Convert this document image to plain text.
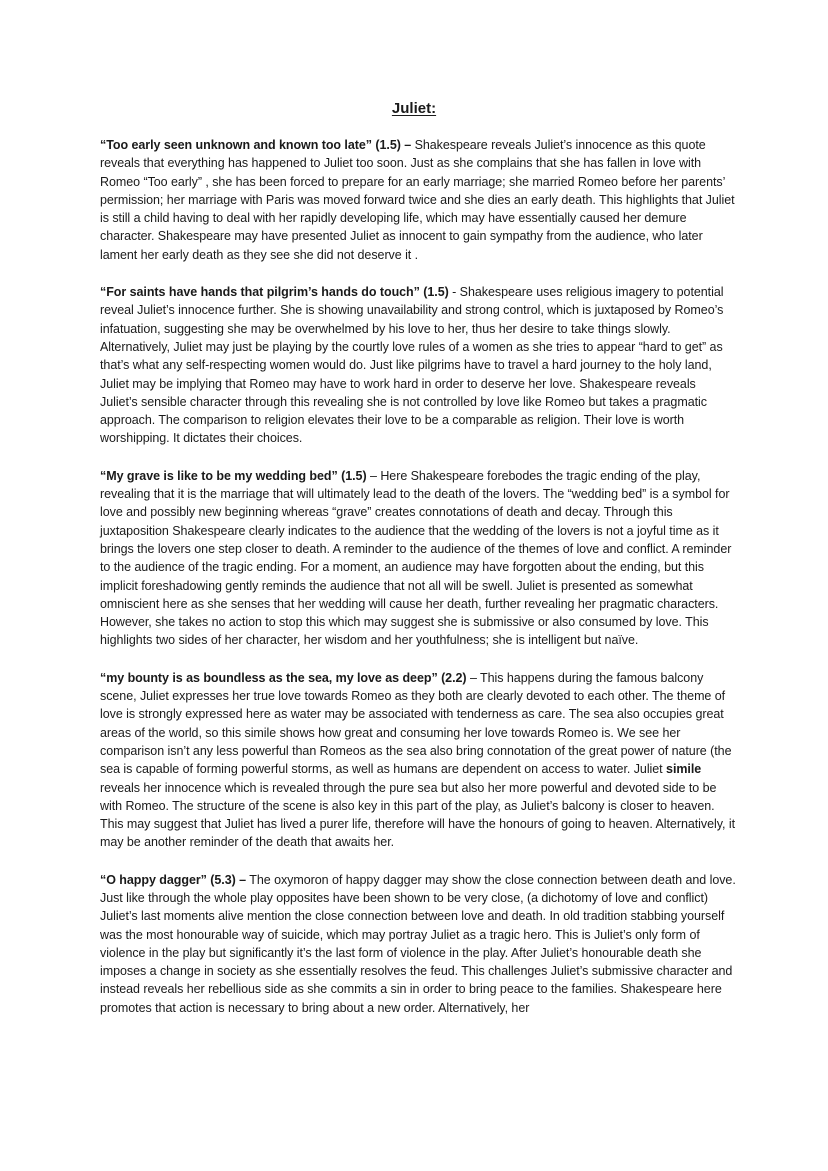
Juliet:

“Too early seen unknown and known too late” (1.5) – Shakespeare reveals Juliet’s innocence as this quote reveals that everything has happened to Juliet too soon. Just as she complains that she has fallen in love with Romeo “Too early” , she has been forced to prepare for an early marriage; she married Romeo before her parents’ permission; her marriage with Paris was moved forward twice and she dies an early death. This highlights that Juliet is still a child having to deal with her rapidly developing life, which may have essentially caused her demure character. Shakespeare may have presented Juliet as innocent to gain sympathy from the audience, who later lament her early death as they see she did not deserve it .

“For saints have hands that pilgrim’s hands do touch” (1.5) - Shakespeare uses religious imagery to potential reveal Juliet’s innocence further. She is showing unavailability and strong control, which is juxtaposed by Romeo’s infatuation, suggesting she may be overwhelmed by his love to her, thus her desire to take things slowly. Alternatively, Juliet may just be playing by the courtly love rules of a women as she tries to appear “hard to get” as that’s what any self-respecting women would do. Just like pilgrims have to travel a hard journey to the holy land, Juliet may be implying that Romeo may have to work hard in order to deserve her love. Shakespeare reveals Juliet’s sensible character through this revealing she is not controlled by love like Romeo but takes a pragmatic approach. The comparison to religion elevates their love to be a comparable as religion. Their love is worth worshipping. It dictates their choices.

“My grave is like to be my wedding bed” (1.5) – Here Shakespeare forebodes the tragic ending of the play, revealing that it is the marriage that will ultimately lead to the death of the lovers. The “wedding bed” is a symbol for love and possibly new beginning whereas “grave” creates connotations of death and decay. Through this juxtaposition Shakespeare clearly indicates to the audience that the wedding of the lovers is not a joyful time as it brings the lovers one step closer to death. A reminder to the audience of the themes of love and conflict. A reminder to the audience of the tragic ending. For a moment, an audience may have forgotten about the ending, but this implicit foreshadowing gently reminds the audience that not all will be swell. Juliet is presented as somewhat omniscient here as she senses that her wedding will cause her death, further revealing her pragmatic characters. However, she takes no action to stop this which may suggest she is submissive or also consumed by love. This highlights two sides of her character, her wisdom and her youthfulness; she is intelligent but naïve.

“my bounty is as boundless as the sea, my love as deep” (2.2) – This happens during the famous balcony scene, Juliet expresses her true love towards Romeo as they both are clearly devoted to each other. The theme of love is strongly expressed here as water may be associated with tenderness as care. The sea also occupies great areas of the world, so this simile shows how great and consuming her love towards Romeo is. We see her comparison isn’t any less powerful than Romeos as the sea also bring connotation of the great power of nature (the sea is capable of forming powerful storms, as well as humans are dependent on access to water. Juliet simile reveals her innocence which is revealed through the pure sea but also her more powerful and devoted side to be with Romeo. The structure of the scene is also key in this part of the play, as Juliet’s balcony is closer to heaven. This may suggest that Juliet has lived a purer life, therefore will have the honours of going to heaven. Alternatively, it may be another reminder of the death that awaits her.

“O happy dagger” (5.3) – The oxymoron of happy dagger may show the close connection between death and love. Just like through the whole play opposites have been shown to be very close, (a dichotomy of love and conflict) Juliet’s last moments alive mention the close connection between love and death. In old tradition stabbing yourself was the most honourable way of suicide, which may portray Juliet as a tragic hero. This is Juliet’s only form of violence in the play but significantly it’s the last form of violence in the play. After Juliet’s honourable death she imposes a change in society as she essentially resolves the feud. This challenges Juliet’s submissive character and instead reveals her rebellious side as she commits a sin in order to bring peace to the families. Shakespeare here promotes that action is necessary to bring about a new order. Alternatively, her
